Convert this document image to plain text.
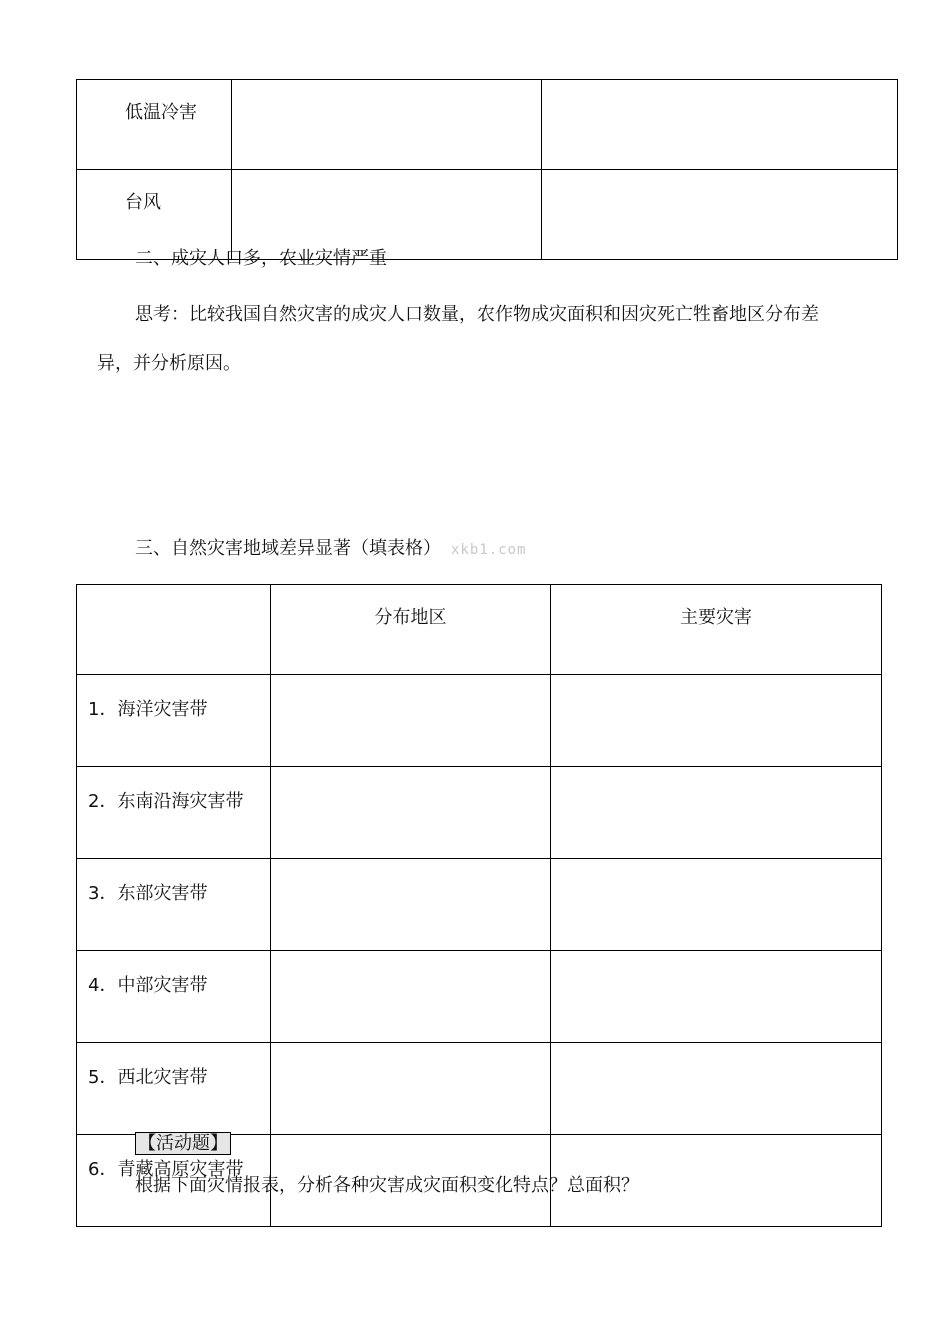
低温冷害		
台风		
二、成灾人口多，农业灾情严重
思考：比较我国自然灾害的成灾人口数量，农作物成灾面积和因灾死亡牲畜地区分布差
异，并分析原因。
三、自然灾害地域差异显著（填表格） xkb1.com
	分布地区	主要灾害
1．海洋灾害带		
2．东南沿海灾害带		
3．东部灾害带		
4．中部灾害带		
5．西北灾害带		
6．青藏高原灾害带		
【活动题】
根据下面灾情报表，分析各种灾害成灾面积变化特点？总面积？
